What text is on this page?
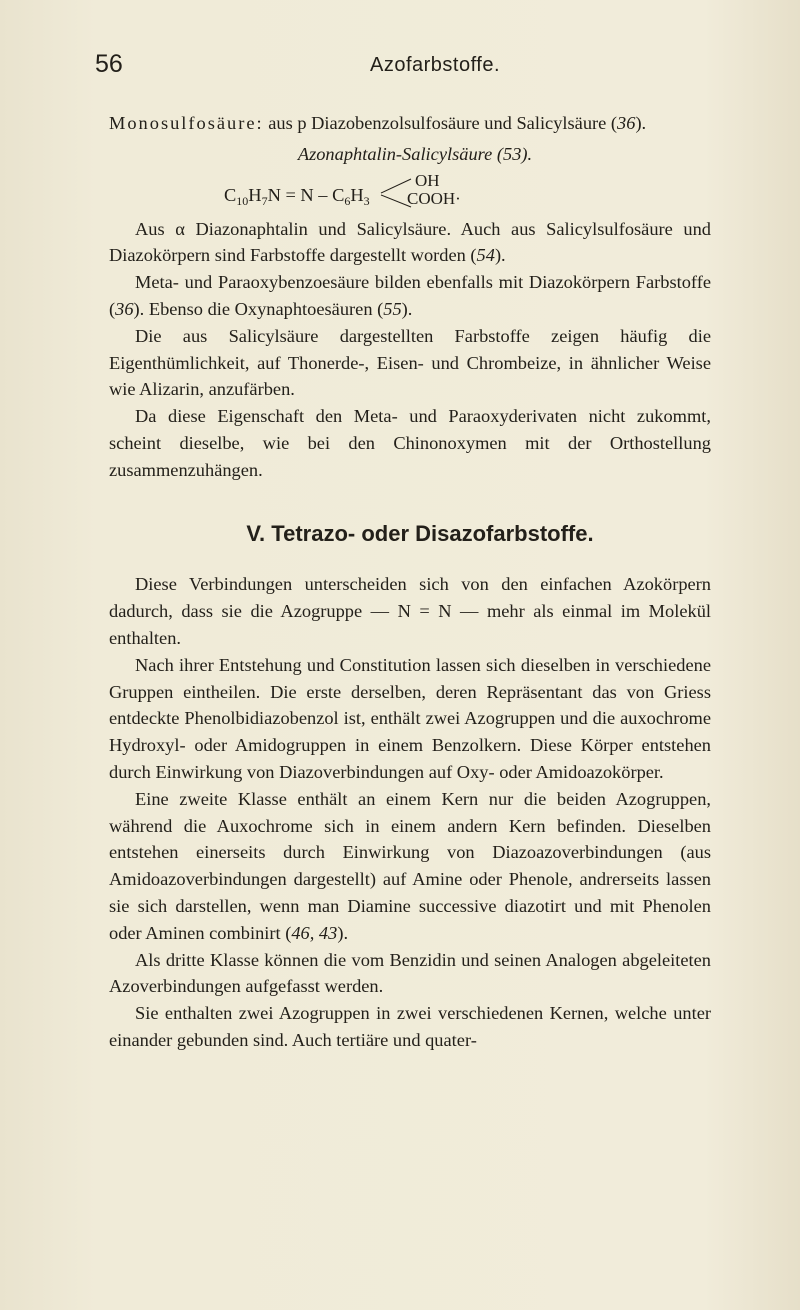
56	Azofarbstoffe.

Monosulfosäure: aus p Diazobenzolsulfosäure und Salicylsäure (36).

Azonaphtalin-Salicylsäure (53).

$C_{10}H_7N = N - C_6H_3$
OH
COOH·

Aus α Diazonaphtalin und Salicylsäure. Auch aus Salicylsulfosäure und Diazokörpern sind Farbstoffe dargestellt worden (54).

Meta- und Paraoxybenzoesäure bilden ebenfalls mit Diazokörpern Farbstoffe (36). Ebenso die Oxynaphtoesäuren (55).

Die aus Salicylsäure dargestellten Farbstoffe zeigen häufig die Eigenthümlichkeit, auf Thonerde-, Eisen- und Chrombeize, in ähnlicher Weise wie Alizarin, anzufärben.

Da diese Eigenschaft den Meta- und Paraoxyderivaten nicht zukommt, scheint dieselbe, wie bei den Chinonoxymen mit der Orthostellung zusammenzuhängen.

V. Tetrazo- oder Disazofarbstoffe.

Diese Verbindungen unterscheiden sich von den einfachen Azokörpern dadurch, dass sie die Azogruppe — N = N — mehr als einmal im Molekül enthalten.

Nach ihrer Entstehung und Constitution lassen sich dieselben in verschiedene Gruppen eintheilen. Die erste derselben, deren Repräsentant das von Griess entdeckte Phenolbidiazobenzol ist, enthält zwei Azogruppen und die auxochrome Hydroxyl- oder Amidogruppen in einem Benzolkern. Diese Körper entstehen durch Einwirkung von Diazoverbindungen auf Oxy- oder Amidoazokörper.

Eine zweite Klasse enthält an einem Kern nur die beiden Azogruppen, während die Auxochrome sich in einem andern Kern befinden. Dieselben entstehen einerseits durch Einwirkung von Diazoazoverbindungen (aus Amidoazoverbindungen dargestellt) auf Amine oder Phenole, andrerseits lassen sie sich darstellen, wenn man Diamine successive diazotirt und mit Phenolen oder Aminen combinirt (46, 43).

Als dritte Klasse können die vom Benzidin und seinen Analogen abgeleiteten Azoverbindungen aufgefasst werden.

Sie enthalten zwei Azogruppen in zwei verschiedenen Kernen, welche unter einander gebunden sind. Auch tertiäre und quater-
